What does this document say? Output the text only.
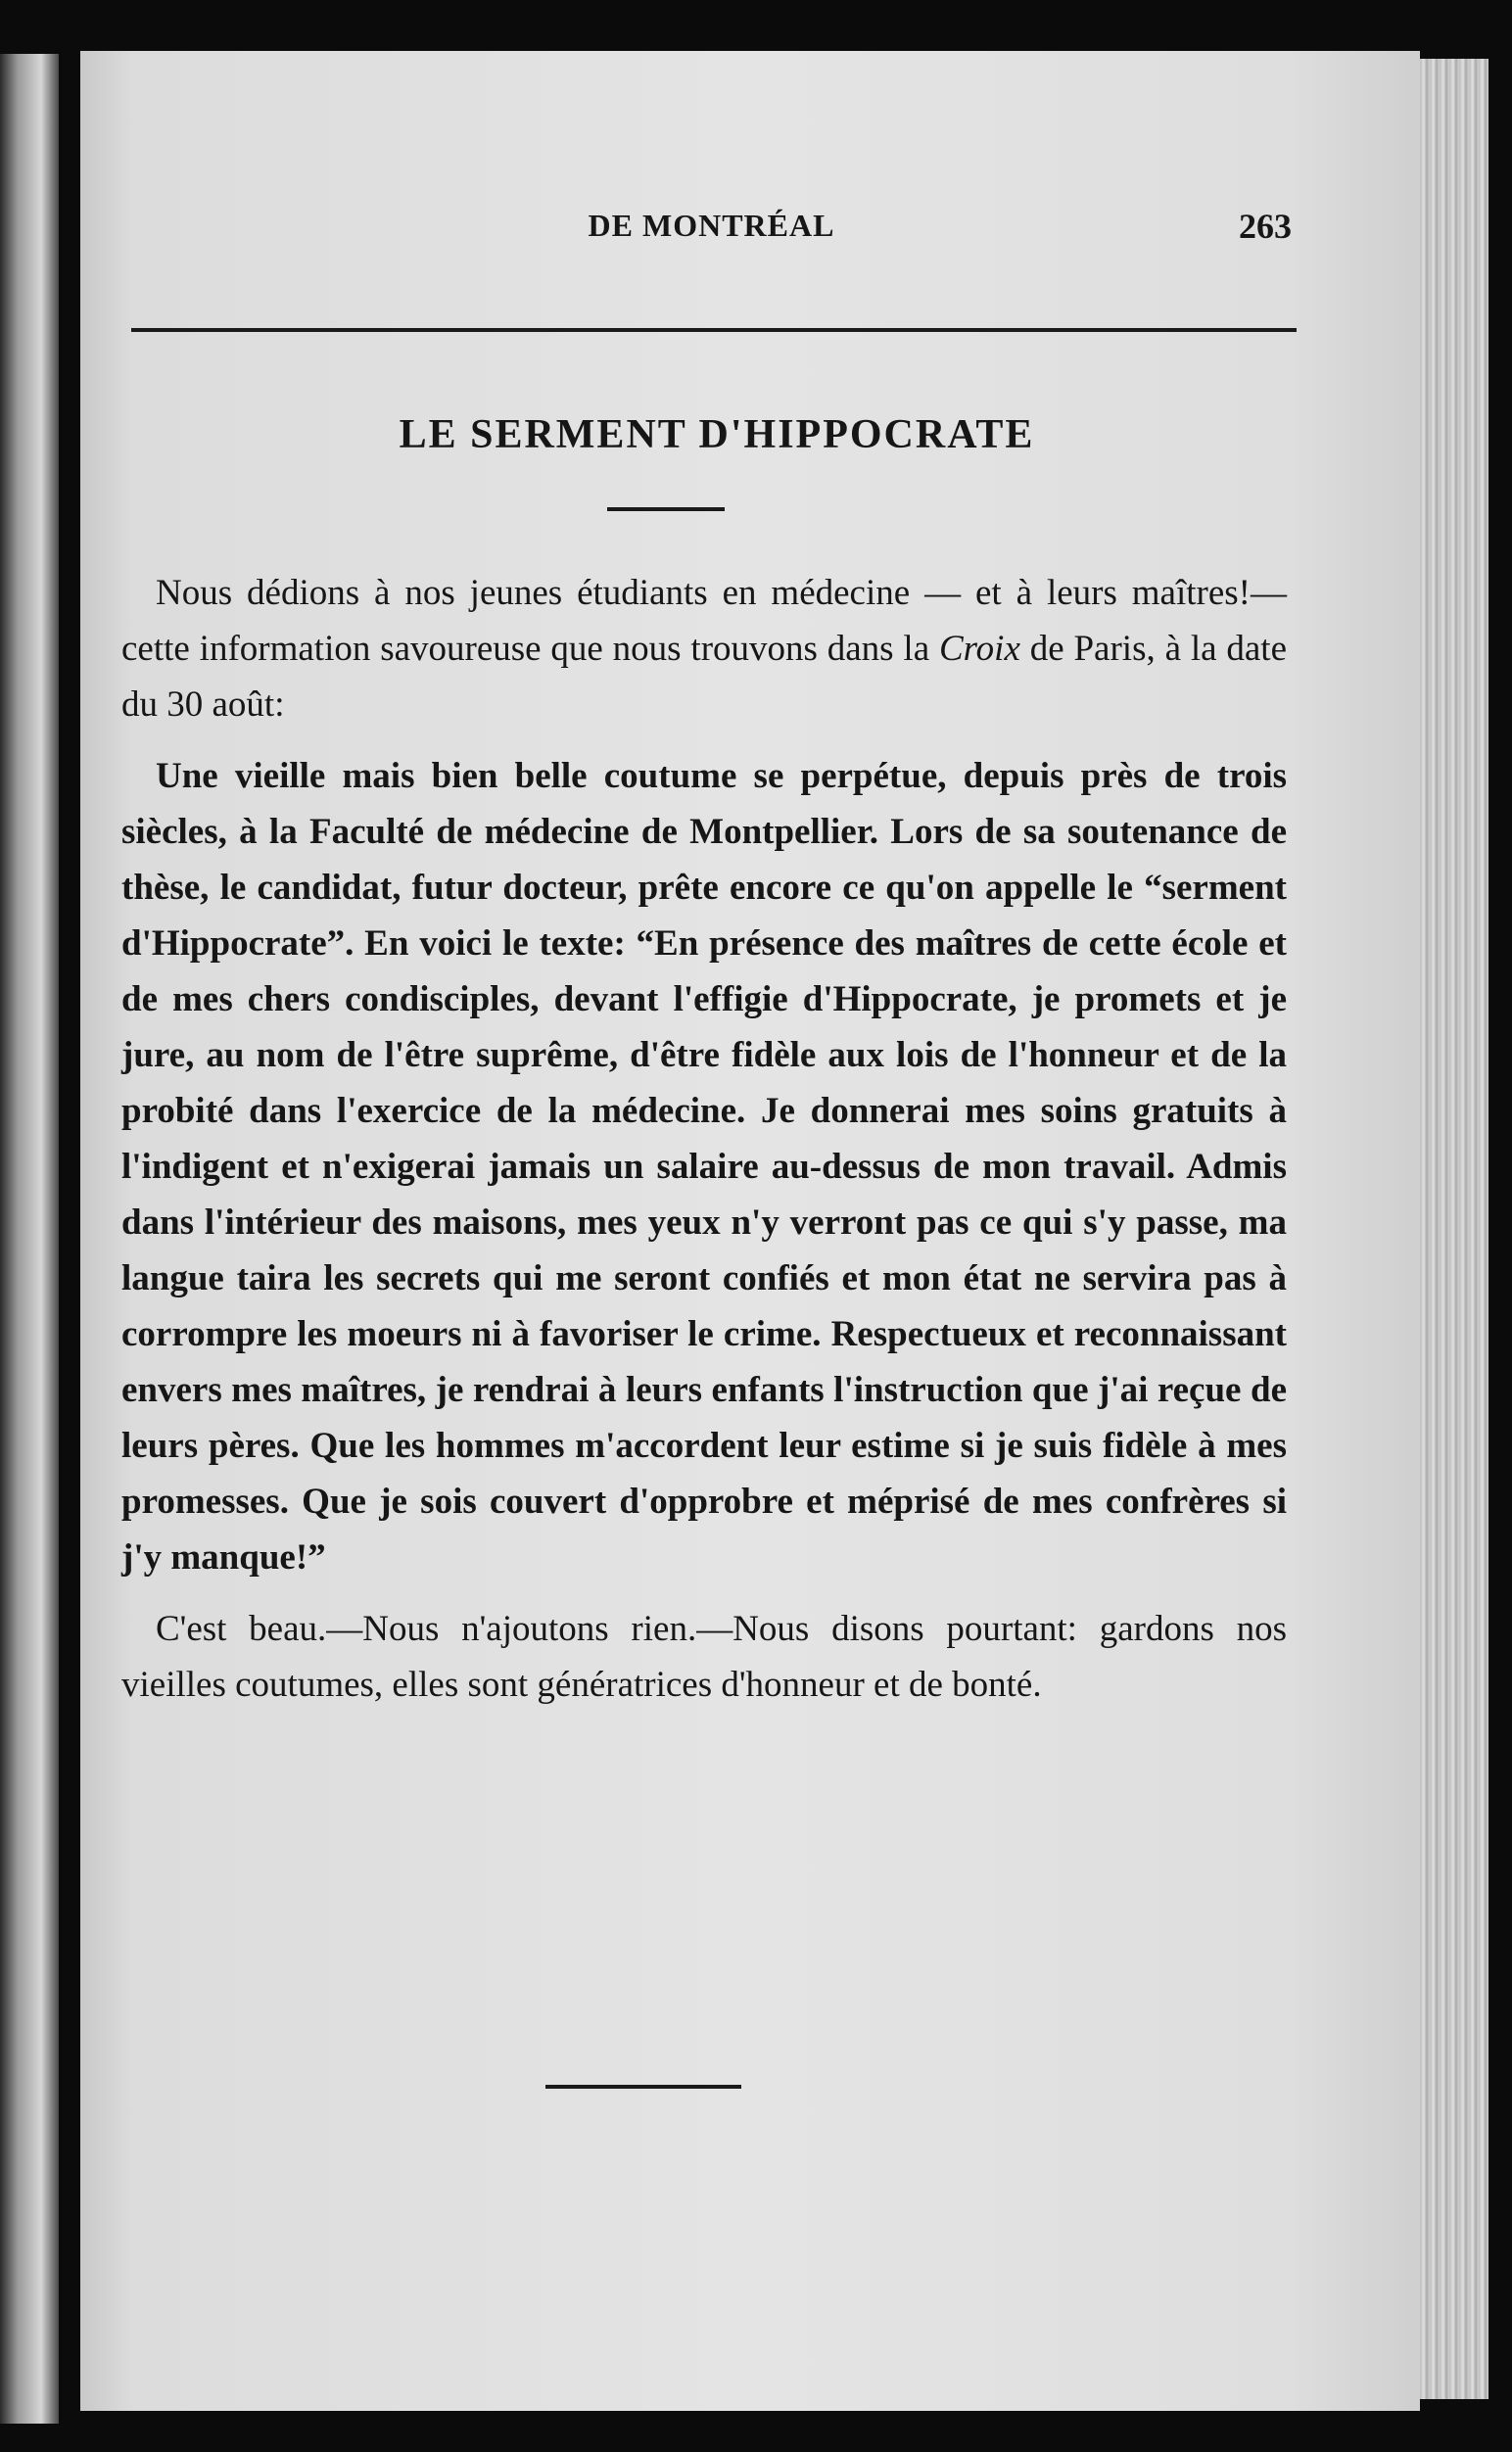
DE MONTRÉAL	263
LE SERMENT D'HIPPOCRATE

Nous dédions à nos jeunes étudiants en médecine — et à leurs maîtres!—cette information savoureuse que nous trouvons dans la Croix de Paris, à la date du 30 août:

Une vieille mais bien belle coutume se perpétue, depuis près de trois siècles, à la Faculté de médecine de Montpellier. Lors de sa soutenance de thèse, le candidat, futur docteur, prête encore ce qu'on appelle le “serment d'Hippocrate”. En voici le texte: “En présence des maîtres de cette école et de mes chers condisciples, devant l'effigie d'Hippocrate, je promets et je jure, au nom de l'être suprême, d'être fidèle aux lois de l'honneur et de la probité dans l'exercice de la médecine. Je donnerai mes soins gratuits à l'indigent et n'exigerai jamais un salaire au-dessus de mon travail. Admis dans l'intérieur des maisons, mes yeux n'y verront pas ce qui s'y passe, ma langue taira les secrets qui me seront confiés et mon état ne servira pas à corrompre les moeurs ni à favoriser le crime. Respectueux et reconnaissant envers mes maîtres, je rendrai à leurs enfants l'instruction que j'ai reçue de leurs pères. Que les hommes m'accordent leur estime si je suis fidèle à mes promesses. Que je sois couvert d'opprobre et méprisé de mes confrères si j'y manque!”

C'est beau.—Nous n'ajoutons rien.—Nous disons pourtant: gardons nos vieilles coutumes, elles sont génératrices d'honneur et de bonté.
